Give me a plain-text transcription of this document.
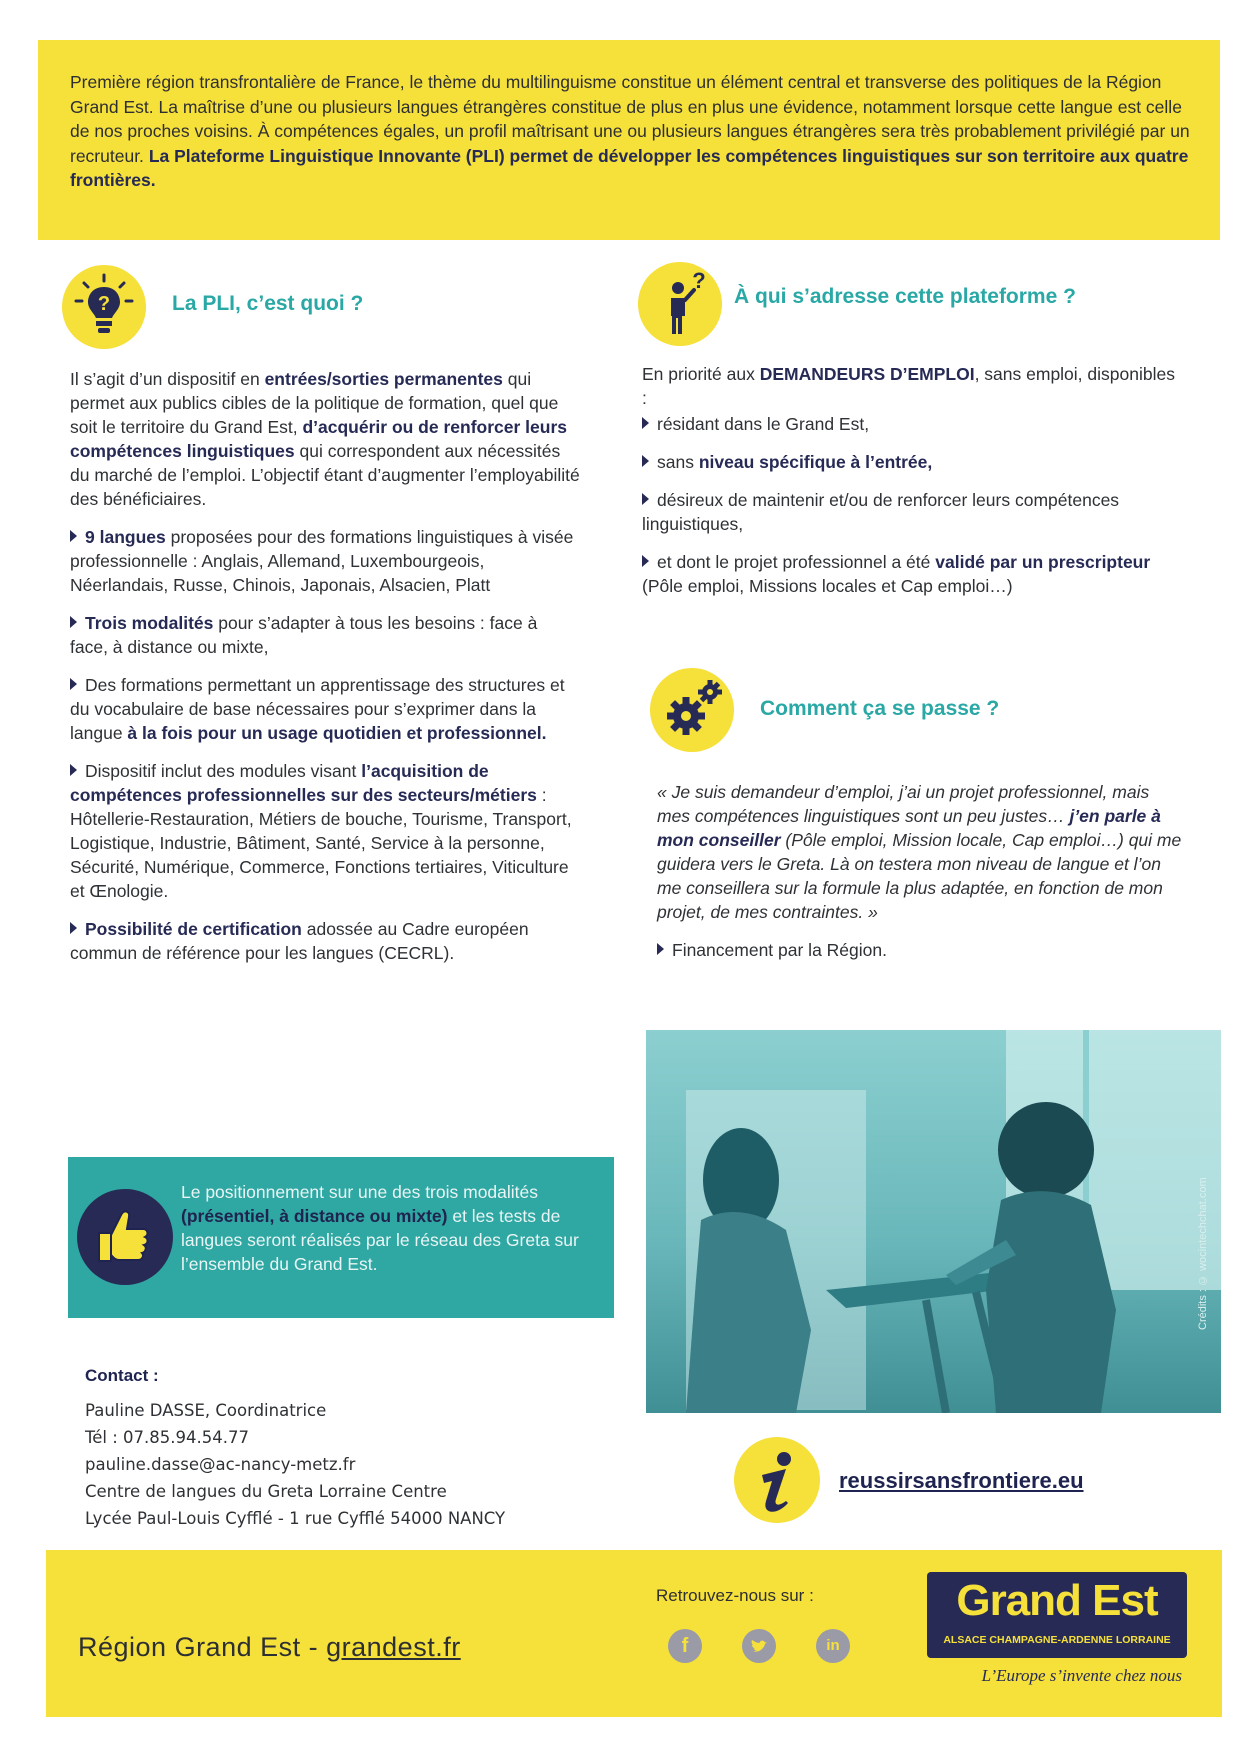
Première région transfrontalière de France, le thème du multilinguisme constitue un élément central et transverse des politiques de la Région Grand Est. La maîtrise d’une ou plusieurs langues étrangères constitue de plus en plus une évidence, notamment lorsque cette langue est celle de nos proches voisins. À compétences égales, un profil maîtrisant une ou plusieurs langues étrangères sera très probablement privilégié par un recruteur. La Plateforme Linguistique Innovante (PLI) permet de développer les compétences linguistiques sur son territoire aux quatre frontières.

?	La PLI, c’est quoi ?

Il s’agit d’un dispositif en entrées/sorties permanentes qui permet aux publics cibles de la politique de formation, quel que soit le territoire du Grand Est, d’acquérir ou de renforcer leurs compétences linguistiques qui correspondent aux nécessités du marché de l’emploi. L’objectif étant d’augmenter l’employabilité des bénéficiaires.

9 langues proposées pour des formations linguistiques à visée professionnelle : Anglais, Allemand, Luxembourgeois, Néerlandais, Russe, Chinois, Japonais, Alsacien, Platt

Trois modalités pour s’adapter à tous les besoins : face à face, à distance ou mixte,

Des formations permettant un apprentissage des structures et du vocabulaire de base nécessaires pour s’exprimer dans la langue à la fois pour un usage quotidien et professionnel.

Dispositif inclut des modules visant l’acquisition de compétences professionnelles sur des secteurs/métiers : Hôtellerie-Restauration, Métiers de bouche, Tourisme, Transport, Logistique, Industrie, Bâtiment, Santé, Service à la personne, Sécurité, Numérique, Commerce, Fonctions tertiaires, Viticulture et Œnologie.

Possibilité de certification adossée au Cadre européen commun de référence pour les langues (CECRL).

?
À qui s’adresse cette plateforme ?

En priorité aux DEMANDEURS D’EMPLOI, sans emploi, disponibles :

résidant dans le Grand Est,

sans niveau spécifique à l’entrée,

désireux de maintenir et/ou de renforcer leurs compétences linguistiques,

et dont le projet professionnel a été validé par un prescripteur (Pôle emploi, Missions locales et Cap emploi…)

Comment ça se passe ?

« Je suis demandeur d’emploi, j’ai un projet professionnel, mais mes compétences linguistiques sont un peu justes… j’en parle à mon conseiller (Pôle emploi, Mission locale, Cap emploi…) qui me guidera vers le Greta. Là on testera mon niveau de langue et l’on me conseillera sur la formule la plus adaptée, en fonction de mon projet, de mes contraintes. »

Financement par la Région.

Crédits : © wocintechchat.com

Le positionnement sur une des trois modalités (présentiel, à distance ou mixte) et les tests de langues seront réalisés par le réseau des Greta sur l’ensemble du Grand Est.

Contact :
Pauline DASSE, Coordinatrice
Tél : 07.85.94.54.77
pauline.dasse@ac-nancy-metz.fr
Centre de langues du Greta Lorraine Centre
Lycée Paul-Louis Cyfflé - 1 rue Cyfflé 54000 NANCY
reussirsansfrontiere.eu
Région Grand Est - grandest.fr
Retrouvez-nous sur :
f	in
Grand Est
ALSACE CHAMPAGNE-ARDENNE LORRAINE
L’Europe s’invente chez nous
